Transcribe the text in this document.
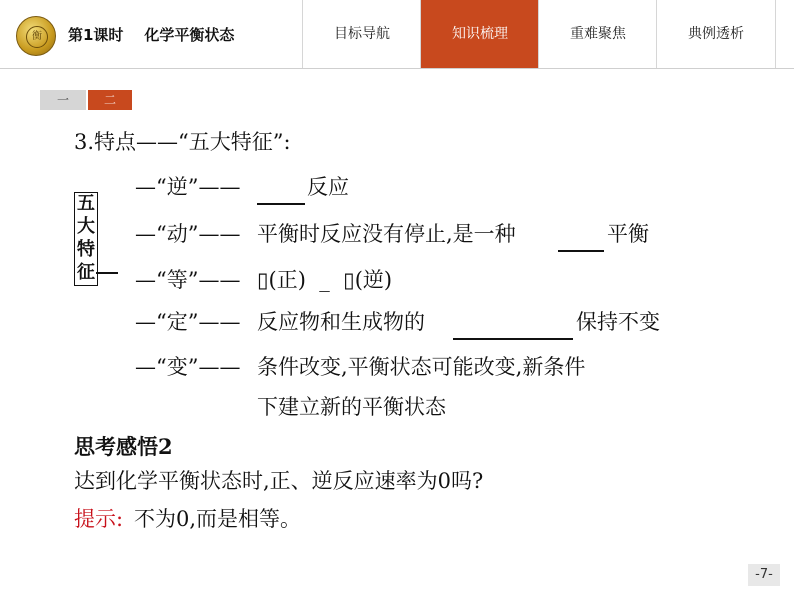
衡	第1课时    化学平衡状态	目标导航	知识梳理	重难聚焦	典例透析
一	二
3.特点——“五大特征”:
五大特征
—“逆”——	反应
—“动”—— 平衡时反应没有停止,是一种	平衡
—“等”—— ▯(正)  _  ▯(逆)
—“定”—— 反应物和生成物的	保持不变
—“变”—— 条件改变,平衡状态可能改变,新条件
下建立新的平衡状态
思考感悟2
达到化学平衡状态时,正、逆反应速率为0吗?
提示: 不为0,而是相等。
-7-
